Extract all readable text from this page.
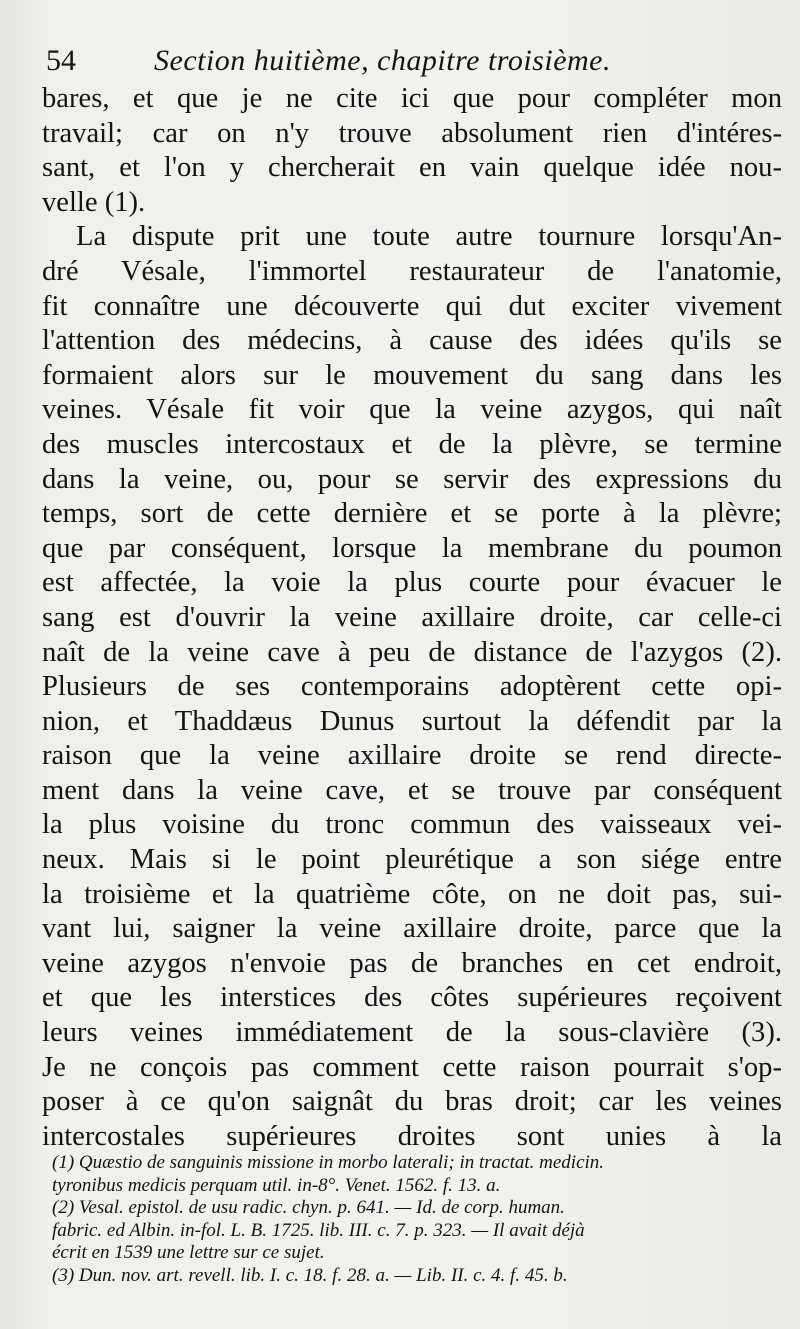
54	Section huitième, chapitre troisième.
bares, et que je ne cite ici que pour compléter mon
travail; car on n'y trouve absolument rien d'intéres-
sant, et l'on y chercherait en vain quelque idée nou-
velle (1).
La dispute prit une toute autre tournure lorsqu'An-
dré Vésale, l'immortel restaurateur de l'anatomie,
fit connaître une découverte qui dut exciter vivement
l'attention des médecins, à cause des idées qu'ils se
formaient alors sur le mouvement du sang dans les
veines. Vésale fit voir que la veine azygos, qui naît
des muscles intercostaux et de la plèvre, se termine
dans la veine, ou, pour se servir des expressions du
temps, sort de cette dernière et se porte à la plèvre;
que par conséquent, lorsque la membrane du poumon
est affectée, la voie la plus courte pour évacuer le
sang est d'ouvrir la veine axillaire droite, car celle-ci
naît de la veine cave à peu de distance de l'azygos (2).
Plusieurs de ses contemporains adoptèrent cette opi-
nion, et Thaddæus Dunus surtout la défendit par la
raison que la veine axillaire droite se rend directe-
ment dans la veine cave, et se trouve par conséquent
la plus voisine du tronc commun des vaisseaux vei-
neux. Mais si le point pleurétique a son siége entre
la troisième et la quatrième côte, on ne doit pas, sui-
vant lui, saigner la veine axillaire droite, parce que la
veine azygos n'envoie pas de branches en cet endroit,
et que les interstices des côtes supérieures reçoivent
leurs veines immédiatement de la sous-clavière (3).
Je ne conçois pas comment cette raison pourrait s'op-
poser à ce qu'on saignât du bras droit; car les veines
intercostales supérieures droites sont unies à la
(1) Quæstio de sanguinis missione in morbo laterali; in tractat. medicin.
tyronibus medicis perquam util. in-8°. Venet. 1562. f. 13. a.
(2) Vesal. epistol. de usu radic. chyn. p. 641. — Id. de corp. human.
fabric. ed Albin. in-fol. L. B. 1725. lib. III. c. 7. p. 323. — Il avait déjà
écrit en 1539 une lettre sur ce sujet.
(3) Dun. nov. art. revell. lib. I. c. 18. f. 28. a. — Lib. II. c. 4. f. 45. b.
